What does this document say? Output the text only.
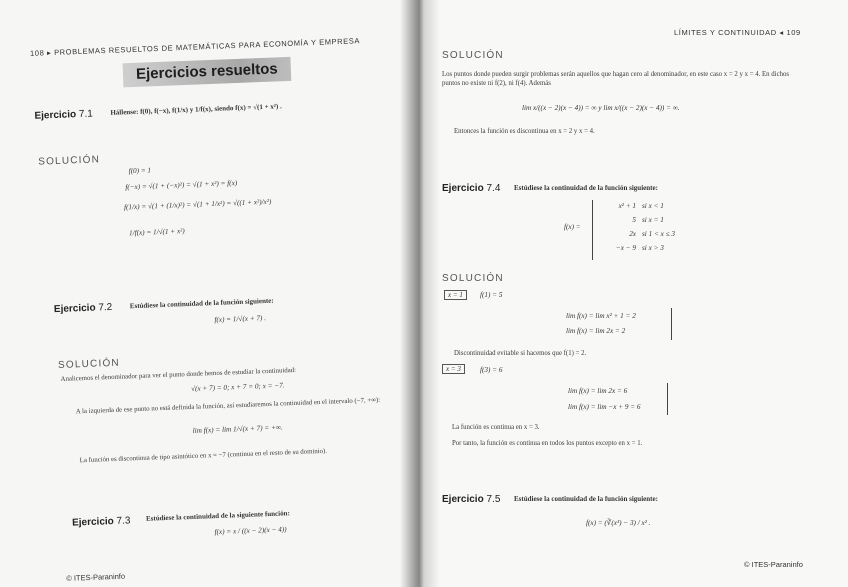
108 ▸ PROBLEMAS RESUELTOS DE MATEMÁTICAS PARA ECONOMÍA Y EMPRESA
Ejercicios resueltos
Ejercicio 7.1 Hállense: f(0), f(−x), f(1/x) y 1/f(x), siendo f(x) = √(1 + x²) .
SOLUCIÓN
f(0) = 1
f(−x) = √(1 + (−x)²) = √(1 + x²) = f(x)
f(1/x) = √(1 + (1/x)²) = √(1 + 1/x²) = √((1 + x²)/x²)
1/f(x) = 1/√(1 + x²)
Ejercicio 7.2 Estúdiese la continuidad de la función siguiente:
f(x) = 1/√(x + 7) .
SOLUCIÓN
Analicemos el denominador para ver el punto donde hemos de estudiar la continuidad:
√(x + 7) = 0; x + 7 = 0; x = −7.
A la izquierda de ese punto no está definida la función, así estudiaremos la continuidad en el intervalo (−7, +∞):
lim f(x) = lim 1/√(x + 7) = +∞.
La función es discontinua de tipo asintótico en x = −7 (continua en el resto de su dominio).
Ejercicio 7.3 Estúdiese la continuidad de la siguiente función:
f(x) = x / ((x − 2)(x − 4))
© ITES-Paraninfo
LÍMITES Y CONTINUIDAD ◂ 109
SOLUCIÓN
Los puntos donde pueden surgir problemas serán aquellos que hagan cero al denominador, en este caso x = 2 y x = 4. En dichos puntos no existe ni f(2), ni f(4). Además
lim x/((x − 2)(x − 4)) = ∞ y lim x/((x − 2)(x − 4)) = ∞.
Entonces la función es discontinua en x = 2 y x = 4.
Ejercicio 7.4 Estúdiese la continuidad de la función siguiente:
f(x) =
x² + 1 si x < 1
5 si x = 1
2x si 1 < x ≤ 3
−x − 9 si x > 3
SOLUCIÓN
x = 1	f(1) = 5
lim f(x) = lim x² + 1 = 2
lim f(x) = lim 2x = 2
Discontinuidad evitable si hacemos que f(1) = 2.
x = 3	f(3) = 6
lim f(x) = lim 2x = 6
lim f(x) = lim −x + 9 = 6
La función es continua en x = 3.
Por tanto, la función es continua en todos los puntos excepto en x = 1.
Ejercicio 7.5 Estúdiese la continuidad de la función siguiente:
f(x) = (∛(x³) − 3) / x² .
© ITES-Paraninfo
